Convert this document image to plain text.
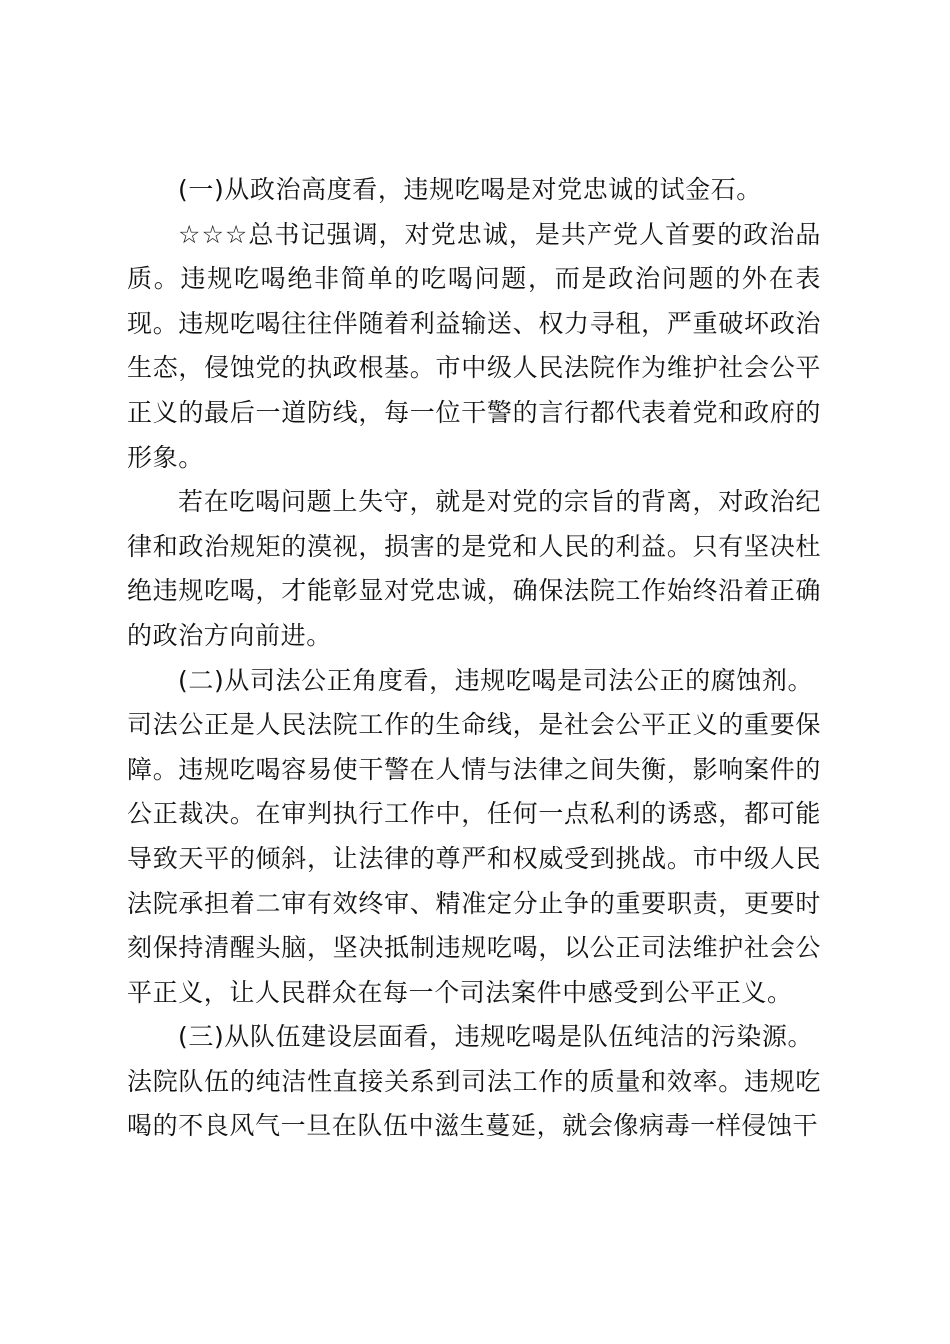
(一)从政治高度看，违规吃喝是对党忠诚的试金石。

☆☆☆总书记强调，对党忠诚，是共产党人首要的政治品质。违规吃喝绝非简单的吃喝问题，而是政治问题的外在表现。违规吃喝往往伴随着利益输送、权力寻租，严重破坏政治生态，侵蚀党的执政根基。市中级人民法院作为维护社会公平正义的最后一道防线，每一位干警的言行都代表着党和政府的形象。

若在吃喝问题上失守，就是对党的宗旨的背离，对政治纪律和政治规矩的漠视，损害的是党和人民的利益。只有坚决杜绝违规吃喝，才能彰显对党忠诚，确保法院工作始终沿着正确的政治方向前进。

(二)从司法公正角度看，违规吃喝是司法公正的腐蚀剂。

司法公正是人民法院工作的生命线，是社会公平正义的重要保障。违规吃喝容易使干警在人情与法律之间失衡，影响案件的公正裁决。在审判执行工作中，任何一点私利的诱惑，都可能导致天平的倾斜，让法律的尊严和权威受到挑战。市中级人民法院承担着二审有效终审、精准定分止争的重要职责，更要时刻保持清醒头脑，坚决抵制违规吃喝，以公正司法维护社会公平正义，让人民群众在每一个司法案件中感受到公平正义。

(三)从队伍建设层面看，违规吃喝是队伍纯洁的污染源。

法院队伍的纯洁性直接关系到司法工作的质量和效率。违规吃喝的不良风气一旦在队伍中滋生蔓延，就会像病毒一样侵蚀干
